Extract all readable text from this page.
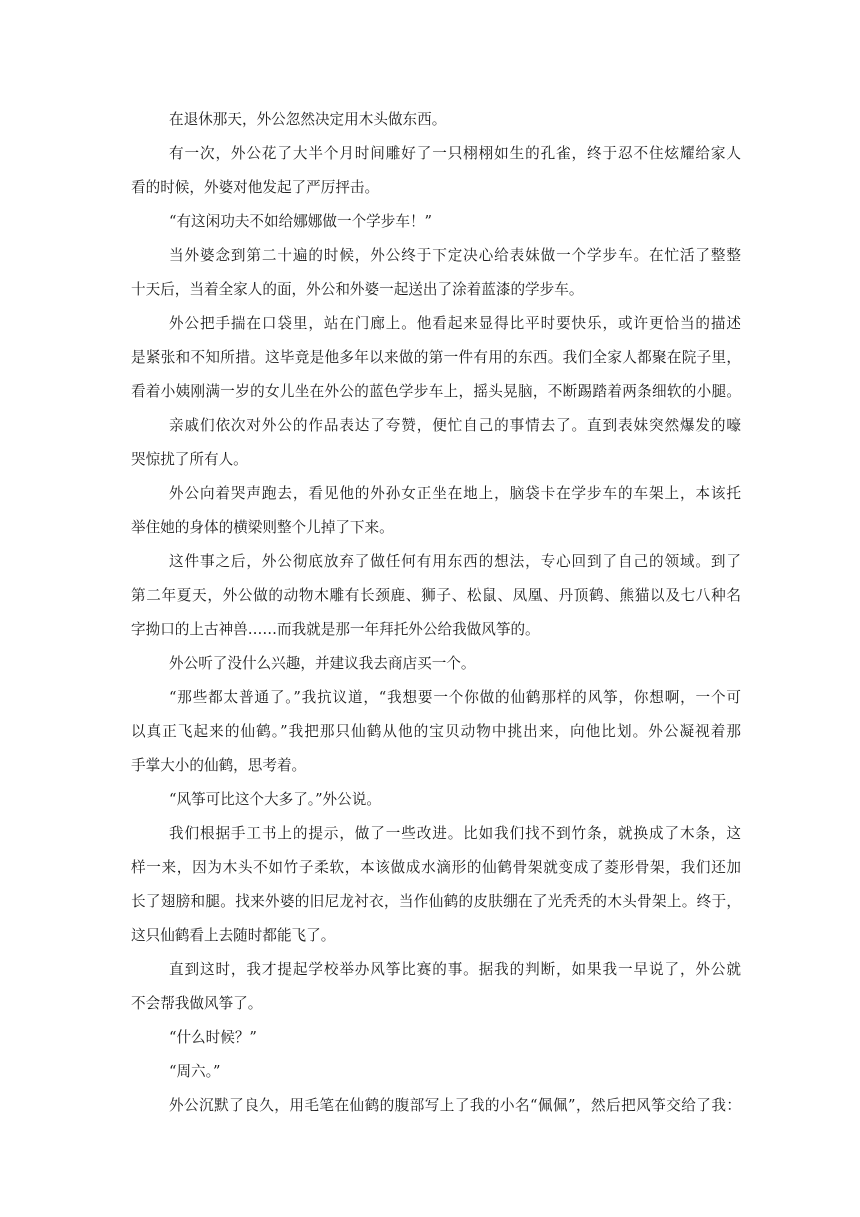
在退休那天，外公忽然决定用木头做东西。
有一次，外公花了大半个月时间雕好了一只栩栩如生的孔雀，终于忍不住炫耀给家人
看的时候，外婆对他发起了严厉抨击。
“有这闲功夫不如给娜娜做一个学步车！”
当外婆念到第二十遍的时候，外公终于下定决心给表妹做一个学步车。在忙活了整整
十天后，当着全家人的面，外公和外婆一起送出了涂着蓝漆的学步车。
外公把手揣在口袋里，站在门廊上。他看起来显得比平时要快乐，或许更恰当的描述
是紧张和不知所措。这毕竟是他多年以来做的第一件有用的东西。我们全家人都聚在院子里，
看着小姨刚满一岁的女儿坐在外公的蓝色学步车上，摇头晃脑，不断踢踏着两条细软的小腿。
亲戚们依次对外公的作品表达了夸赞，便忙自己的事情去了。直到表妹突然爆发的嚎
哭惊扰了所有人。
外公向着哭声跑去，看见他的外孙女正坐在地上，脑袋卡在学步车的车架上，本该托
举住她的身体的横梁则整个儿掉了下来。
这件事之后，外公彻底放弃了做任何有用东西的想法，专心回到了自己的领域。到了
第二年夏天，外公做的动物木雕有长颈鹿、狮子、松鼠、凤凰、丹顶鹤、熊猫以及七八种名
字拗口的上古神兽……而我就是那一年拜托外公给我做风筝的。
外公听了没什么兴趣，并建议我去商店买一个。
“那些都太普通了。”我抗议道，“我想要一个你做的仙鹤那样的风筝，你想啊，一个可
以真正飞起来的仙鹤。”我把那只仙鹤从他的宝贝动物中挑出来，向他比划。外公凝视着那
手掌大小的仙鹤，思考着。
“风筝可比这个大多了。”外公说。
我们根据手工书上的提示，做了一些改进。比如我们找不到竹条，就换成了木条，这
样一来，因为木头不如竹子柔软，本该做成水滴形的仙鹤骨架就变成了菱形骨架，我们还加
长了翅膀和腿。找来外婆的旧尼龙衬衣，当作仙鹤的皮肤绷在了光秃秃的木头骨架上。终于，
这只仙鹤看上去随时都能飞了。
直到这时，我才提起学校举办风筝比赛的事。据我的判断，如果我一早说了，外公就
不会帮我做风筝了。
“什么时候？”
“周六。”
外公沉默了良久，用毛笔在仙鹤的腹部写上了我的小名“佩佩”，然后把风筝交给了我：
